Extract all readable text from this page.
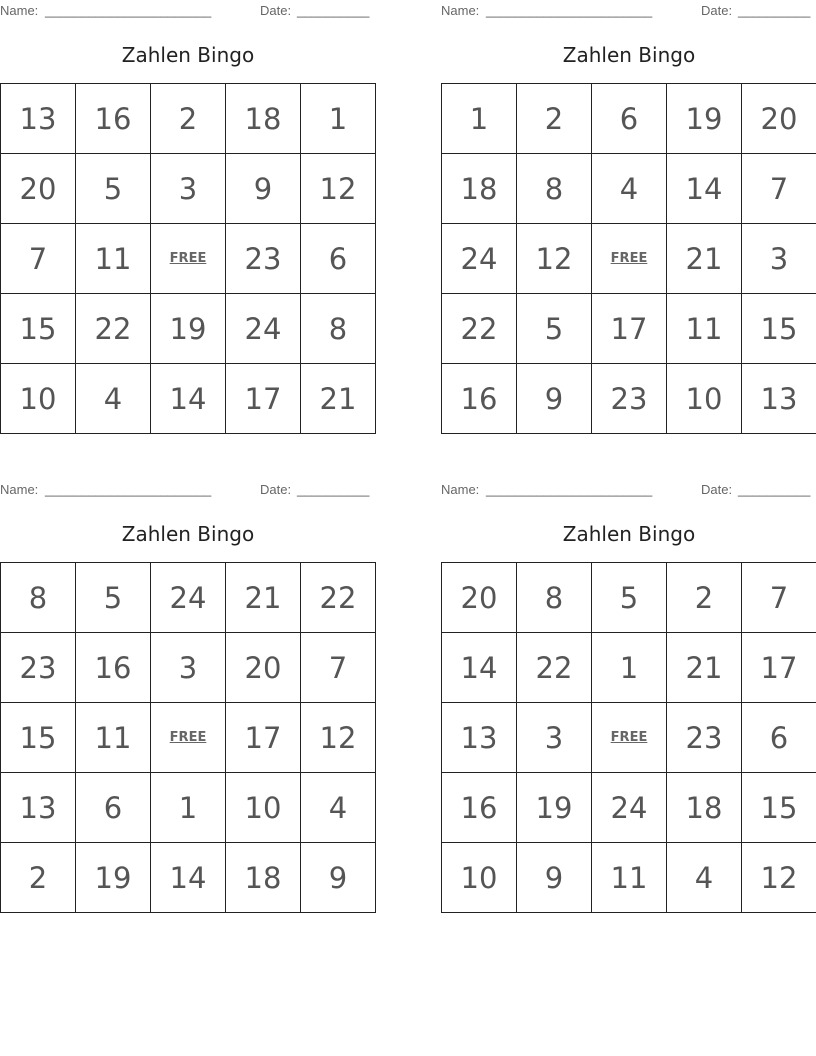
Name: _______________________	Date: __________
Zahlen Bingo
13	16	2	18	1
20	5	3	9	12
7	11	FREE	23	6
15	22	19	24	8
10	4	14	17	21
Name: _______________________	Date: __________
Zahlen Bingo
1	2	6	19	20
18	8	4	14	7
24	12	FREE	21	3
22	5	17	11	15
16	9	23	10	13
Name: _______________________	Date: __________
Zahlen Bingo
8	5	24	21	22
23	16	3	20	7
15	11	FREE	17	12
13	6	1	10	4
2	19	14	18	9
Name: _______________________	Date: __________
Zahlen Bingo
20	8	5	2	7
14	22	1	21	17
13	3	FREE	23	6
16	19	24	18	15
10	9	11	4	12
